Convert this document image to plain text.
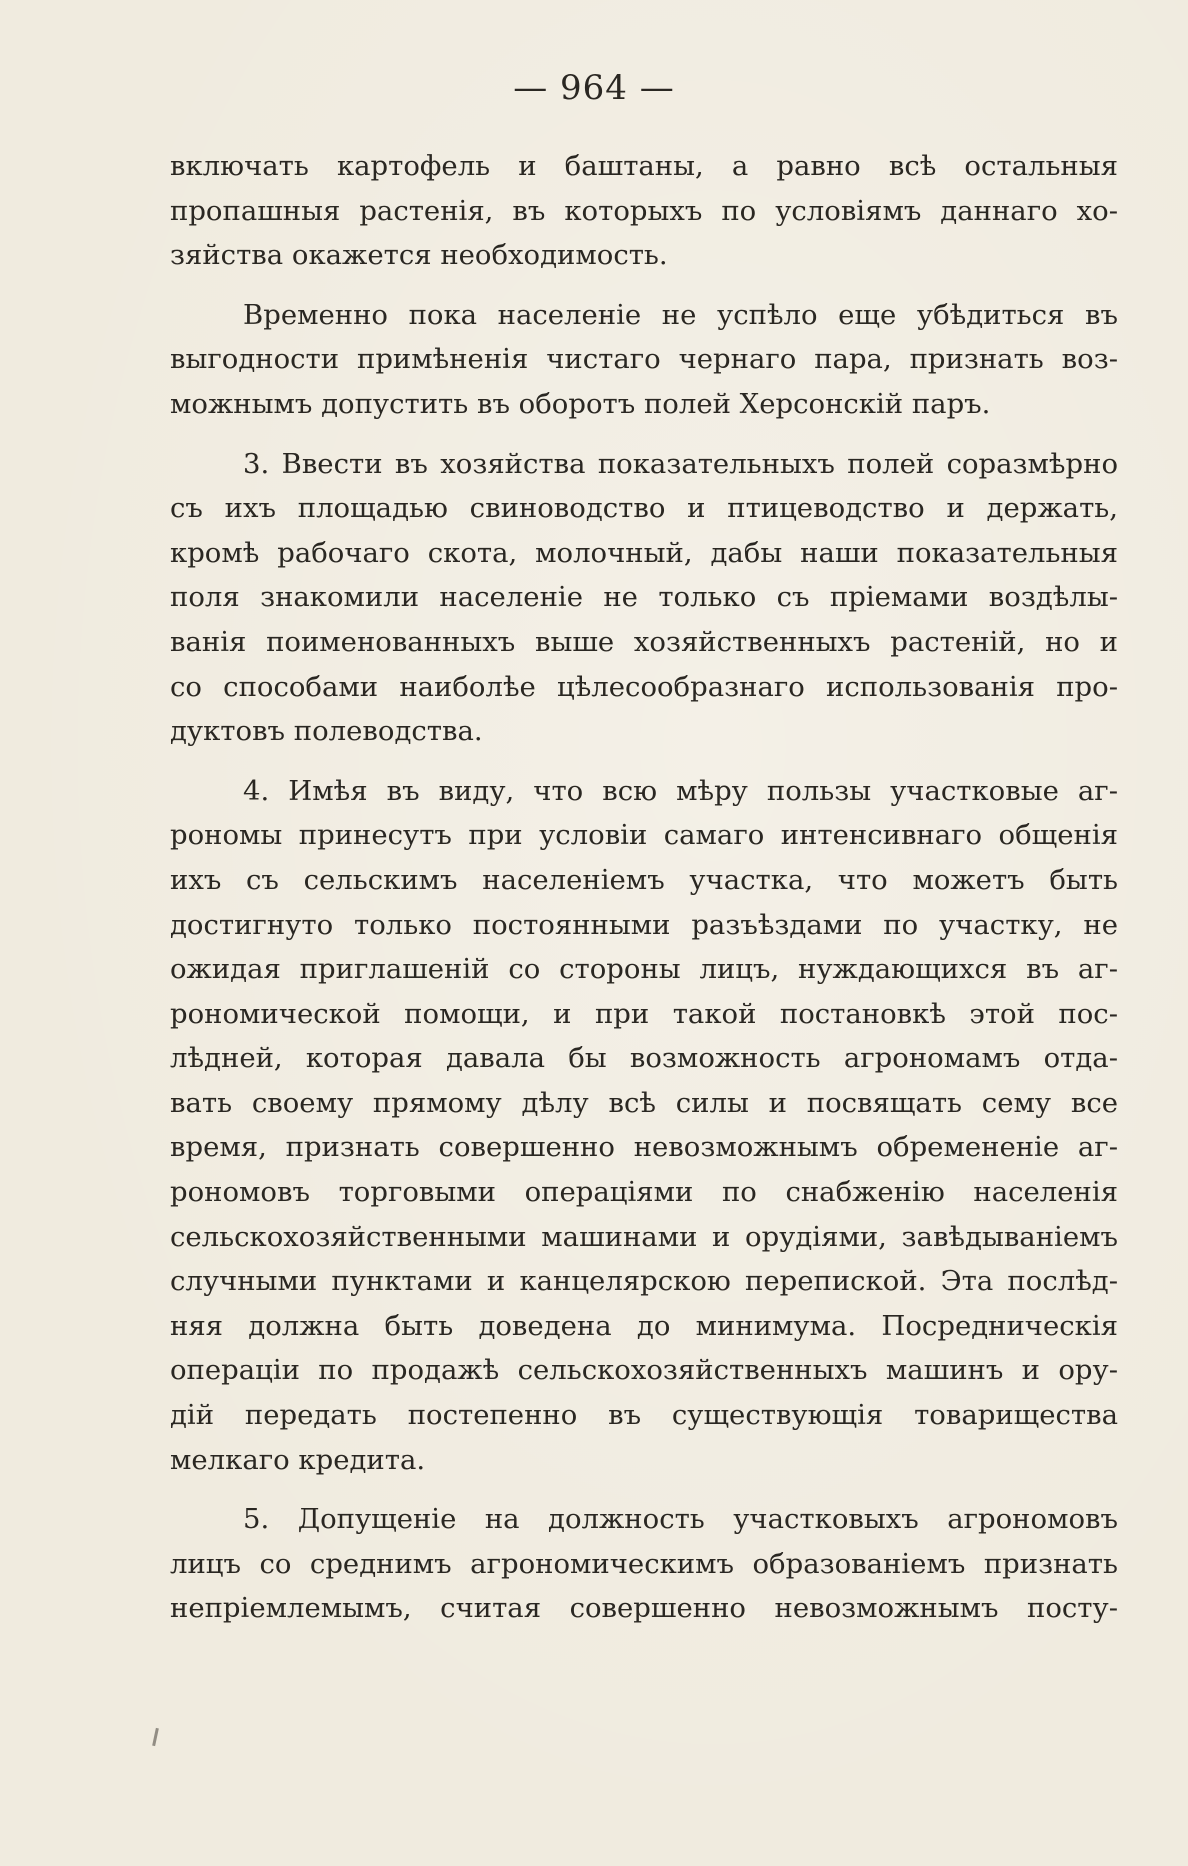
— 964 —

включать картофель и баштаны, а равно всѣ остальныя
пропашныя растенія, въ которыхъ по условіямъ даннаго хо-
зяйства окажется необходимость.

Временно пока населеніе не успѣло еще убѣдиться въ
выгодности примѣненія чистаго чернаго пара, признать воз-
можнымъ допустить въ оборотъ полей Херсонскій паръ.

3. Ввести въ хозяйства показательныхъ полей соразмѣрно
съ ихъ площадью свиноводство и птицеводство и держать,
кромѣ рабочаго скота, молочный, дабы наши показательныя
поля знакомили населеніе не только съ пріемами воздѣлы-
ванія поименованныхъ выше хозяйственныхъ растеній, но и
со способами наиболѣе цѣлесообразнаго использованія про-
дуктовъ полеводства.

4. Имѣя въ виду, что всю мѣру пользы участковые аг-
рономы принесутъ при условіи самаго интенсивнаго общенія
ихъ съ сельскимъ населеніемъ участка, что можетъ быть
достигнуто только постоянными разъѣздами по участку, не
ожидая приглашеній со стороны лицъ, нуждающихся въ аг-
рономической помощи, и при такой постановкѣ этой пос-
лѣдней, которая давала бы возможность агрономамъ отда-
вать своему прямому дѣлу всѣ силы и посвящать сему все
время, признать совершенно невозможнымъ обремененіе аг-
рономовъ торговыми операціями по снабженію населенія
сельскохозяйственными машинами и орудіями, завѣдываніемъ
случными пунктами и канцелярскою перепиской. Эта послѣд-
няя должна быть доведена до минимума. Посредническія
операціи по продажѣ сельскохозяйственныхъ машинъ и ору-
дій передать постепенно въ существующія товарищества
мелкаго кредита.

5. Допущеніе на должность участковыхъ агрономовъ
лицъ со среднимъ агрономическимъ образованіемъ признать
непріемлемымъ, считая совершенно невозможнымъ посту-
